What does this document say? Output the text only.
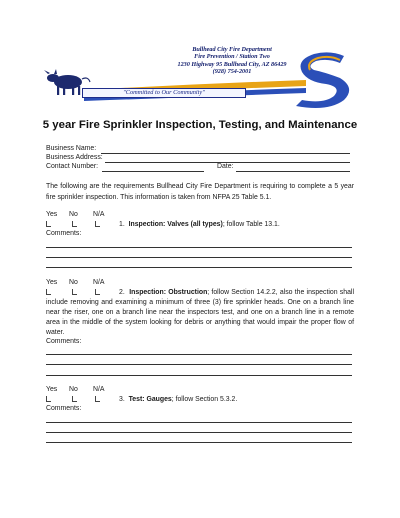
Bullhead City Fire Department
Fire Prevention / Station Two
1230 Highway 95 Bullhead City, AZ 86429
(928) 754-2001
"Committed to Our Community"
5 year Fire Sprinkler Inspection, Testing, and Maintenance
Business Name:
Business Address:
Contact Number:	Date:
The following are the requirements Bullhead City Fire Department is requiring to complete a 5 year fire sprinkler inspection. This information is taken from NFPA 25 Table 5.1.
Yes No N/A
1. Inspection: Valves (all types); follow Table 13.1.
Comments:
Yes No N/A
2. Inspection: Obstruction; follow Section 14.2.2, also the inspection shall include removing and examining a minimum of three (3) fire sprinkler heads. One on a branch line near the riser, one on a branch line near the inspectors test, and one on a branch line in a remote area in the middle of the system looking for debris or anything that would impair the proper flow of water.
Comments:
Yes No N/A
3. Test: Gauges; follow Section 5.3.2.
Comments:
